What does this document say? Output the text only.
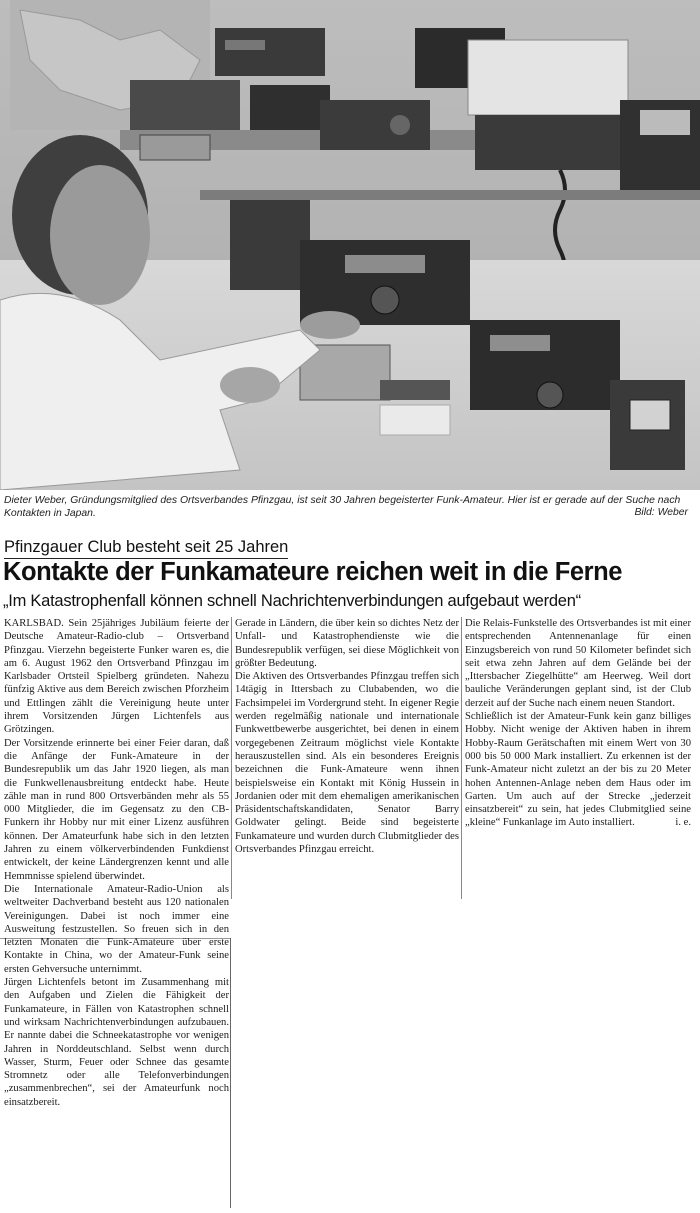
Dieter Weber, Gründungsmitglied des Ortsverbandes Pfinzgau, ist seit 30 Jahren begeisterter Funk-Amateur. Hier ist er gerade auf der Suche nach Kontakten in Japan.	Bild: Weber
Pfinzgauer Club besteht seit 25 Jahren
Kontakte der Funkamateure reichen weit in die Ferne
„Im Katastrophenfall können schnell Nachrichtenverbindungen aufgebaut werden“

KARLSBAD. Sein 25jähriges Jubiläum feierte der Deutsche Amateur-Radio-club – Ortsverband Pfinzgau. Vierzehn begeisterte Funker waren es, die am 6. August 1962 den Ortsverband Pfinzgau im Karlsbader Ortsteil Spielberg gründeten. Nahezu fünfzig Aktive aus dem Bereich zwischen Pforzheim und Ettlingen zählt die Vereinigung heute unter ihrem Vorsitzenden Jürgen Lichtenfels aus Grötzingen.

Der Vorsitzende erinnerte bei einer Feier daran, daß die Anfänge der Funk-Amateure in der Bundesrepublik um das Jahr 1920 liegen, als man die Funkwellenausbreitung entdeckt habe. Heute zähle man in rund 800 Ortsverbänden mehr als 55 000 Mitglieder, die im Gegensatz zu den CB-Funkern ihr Hobby nur mit einer Lizenz ausführen können. Der Amateurfunk habe sich in den letzten Jahren zu einem völkerverbindenden Funkdienst entwickelt, der keine Ländergrenzen kennt und alle Hemmnisse spielend überwindet.

Die Internationale Amateur-Radio-Union als weltweiter Dachverband besteht aus 120 nationalen Vereinigungen. Dabei ist noch immer eine Ausweitung festzustellen. So freuen sich in den letzten Monaten die Funk-Amateure über erste Kontakte in China, wo der Amateur-Funk seine ersten Gehversuche unternimmt.

Jürgen Lichtenfels betont im Zusammenhang mit den Aufgaben und Zielen die Fähigkeit der Funkamateure, in Fällen von Katastrophen schnell und wirksam Nachrichtenverbindungen aufzubauen. Er nannte dabei die Schneekatastrophe vor wenigen Jahren in Norddeutschland. Selbst wenn durch Wasser, Sturm, Feuer oder Schnee das gesamte Stromnetz oder alle Telefonverbindungen „zusammenbrechen“, sei der Amateurfunk noch einsatzbereit.

Gerade in Ländern, die über kein so dichtes Netz der Unfall- und Katastrophendienste wie die Bundesrepublik verfügen, sei diese Möglichkeit von größter Bedeutung.

Die Aktiven des Ortsverbandes Pfinzgau treffen sich 14tägig in Ittersbach zu Clubabenden, wo die Fachsimpelei im Vordergrund steht. In eigener Regie werden regelmäßig nationale und internationale Funkwettbewerbe ausgerichtet, bei denen in einem vorgegebenen Zeitraum möglichst viele Kontakte herauszustellen sind. Als ein besonderes Ereignis bezeichnen die Funk-Amateure wenn ihnen beispielsweise ein Kontakt mit König Hussein in Jordanien oder mit dem ehemaligen amerikanischen Präsidentschaftskandidaten, Senator Barry Goldwater gelingt. Beide sind begeisterte Funkamateure und wurden durch Clubmitglieder des Ortsverbandes Pfinzgau erreicht.

Die Relais-Funkstelle des Ortsverbandes ist mit einer entsprechenden Antennenanlage für einen Einzugsbereich von rund 50 Kilometer befindet sich seit etwa zehn Jahren auf dem Gelände bei der „Ittersbacher Ziegelhütte“ am Heerweg. Weil dort bauliche Veränderungen geplant sind, ist der Club derzeit auf der Suche nach einem neuen Standort.

Schließlich ist der Amateur-Funk kein ganz billiges Hobby. Nicht wenige der Aktiven haben in ihrem Hobby-Raum Gerätschaften mit einem Wert von 30 000 bis 50 000 Mark installiert. Zu erkennen ist der Funk-Amateur nicht zuletzt an der bis zu 20 Meter hohen Antennen-Anlage neben dem Haus oder im Garten. Um auch auf der Strecke „jederzeit einsatzbereit“ zu sein, hat jedes Clubmitglied seine „kleine“ Funkanlage im Auto installiert.	i. e.
